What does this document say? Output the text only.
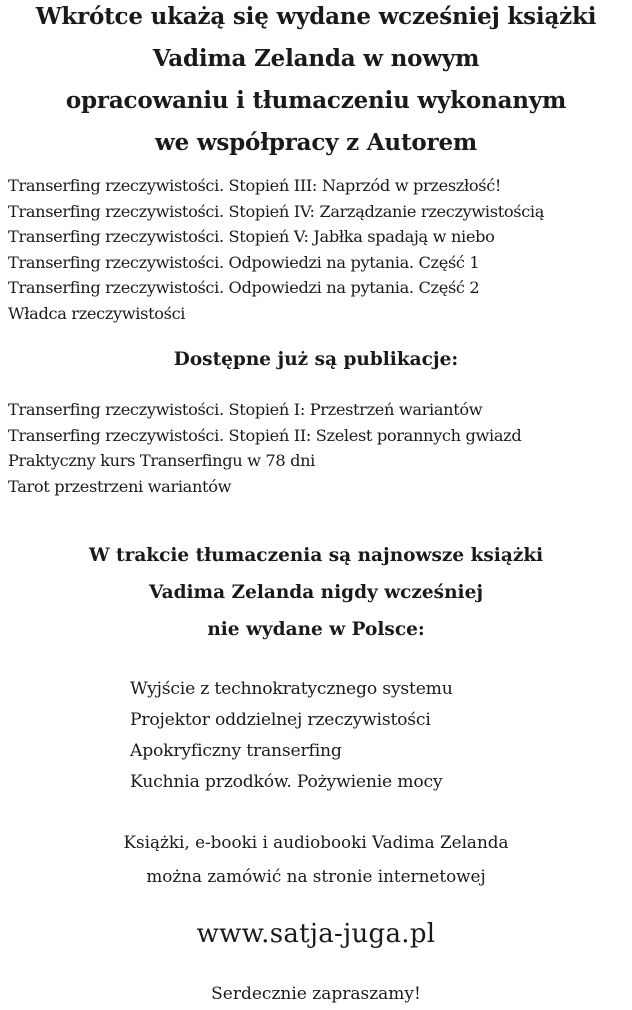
Wkrótce ukażą się wydane wcześniej książki
Vadima Zelanda w nowym
opracowaniu i tłumaczeniu wykonanym
we współpracy z Autorem
Transerfing rzeczywistości. Stopień III: Naprzód w przeszłość!
Transerfing rzeczywistości. Stopień IV: Zarządzanie rzeczywistością
Transerfing rzeczywistości. Stopień V: Jabłka spadają w niebo
Transerfing rzeczywistości. Odpowiedzi na pytania. Część 1
Transerfing rzeczywistości. Odpowiedzi na pytania. Część 2
Władca rzeczywistości
Dostępne już są publikacje:
Transerfing rzeczywistości. Stopień I: Przestrzeń wariantów
Transerfing rzeczywistości. Stopień II: Szelest porannych gwiazd
Praktyczny kurs Transerfingu w 78 dni
Tarot przestrzeni wariantów
W trakcie tłumaczenia są najnowsze książki
Vadima Zelanda nigdy wcześniej
nie wydane w Polsce:
Wyjście z technokratycznego systemu
Projektor oddzielnej rzeczywistości
Apokryficzny transerfing
Kuchnia przodków. Pożywienie mocy

Książki, e-booki i audiobooki Vadima Zelanda
można zamówić na stronie internetowej

www.satja-juga.pl

Serdecznie zapraszamy!
